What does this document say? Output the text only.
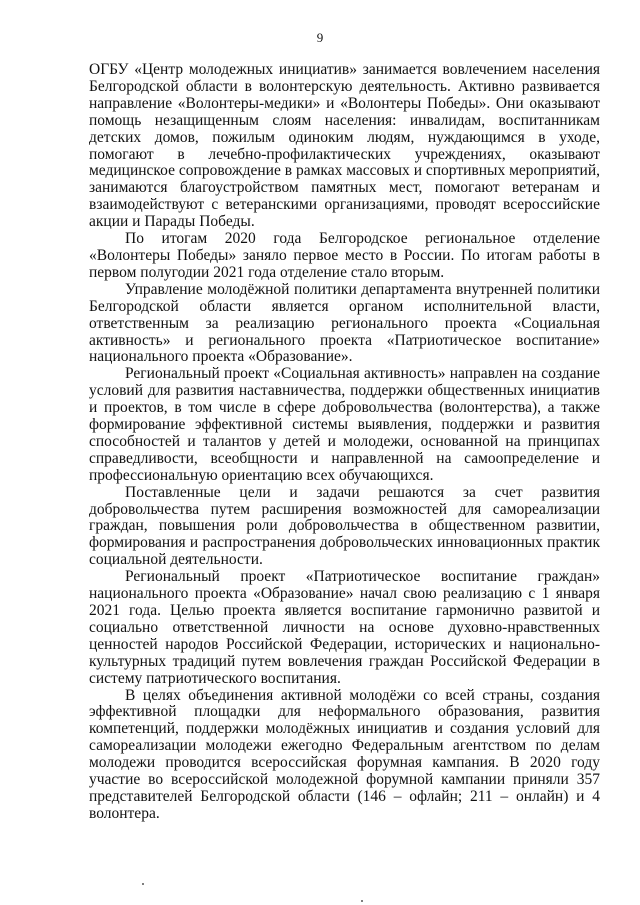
9

ОГБУ «Центр молодежных инициатив» занимается вовлечением населения Белгородской области в волонтерскую деятельность. Активно развивается направление «Волонтеры-медики» и «Волонтеры Победы». Они оказывают помощь незащищенным слоям населения: инвалидам, воспитанникам детских домов, пожилым одиноким людям, нуждающимся в уходе, помогают в лечебно-профилактических учреждениях, оказывают медицинское сопровождение в рамках массовых и спортивных мероприятий, занимаются благоустройством памятных мест, помогают ветеранам и взаимодействуют с ветеранскими организациями, проводят всероссийские акции и Парады Победы.

По итогам 2020 года Белгородское региональное отделение «Волонтеры Победы» заняло первое место в России. По итогам работы в первом полугодии 2021 года отделение стало вторым.

Управление молодёжной политики департамента внутренней политики Белгородской области является органом исполнительной власти, ответственным за реализацию регионального проекта «Социальная активность» и регионального проекта «Патриотическое воспитание» национального проекта «Образование».

Региональный проект «Социальная активность» направлен на создание условий для развития наставничества, поддержки общественных инициатив и проектов, в том числе в сфере добровольчества (волонтерства), а также формирование эффективной системы выявления, поддержки и развития способностей и талантов у детей и молодежи, основанной на принципах справедливости, всеобщности и направленной на самоопределение и профессиональную ориентацию всех обучающихся.

Поставленные цели и задачи решаются за счет развития добровольчества путем расширения возможностей для самореализации граждан, повышения роли добровольчества в общественном развитии, формирования и распространения добровольческих инновационных практик социальной деятельности.

Региональный проект «Патриотическое воспитание граждан» национального проекта «Образование» начал свою реализацию с 1 января 2021 года. Целью проекта является воспитание гармонично развитой и социально ответственной личности на основе духовно-нравственных ценностей народов Российской Федерации, исторических и национально-культурных традиций путем вовлечения граждан Российской Федерации в систему патриотического воспитания.

В целях объединения активной молодёжи со всей страны, создания эффективной площадки для неформального образования, развития компетенций, поддержки молодёжных инициатив и создания условий для самореализации молодежи ежегодно Федеральным агентством по делам молодежи проводится всероссийская форумная кампания. В 2020 году участие во всероссийской молодежной форумной кампании приняли 357 представителей Белгородской области (146 – офлайн; 211 – онлайн) и 4 волонтера.
